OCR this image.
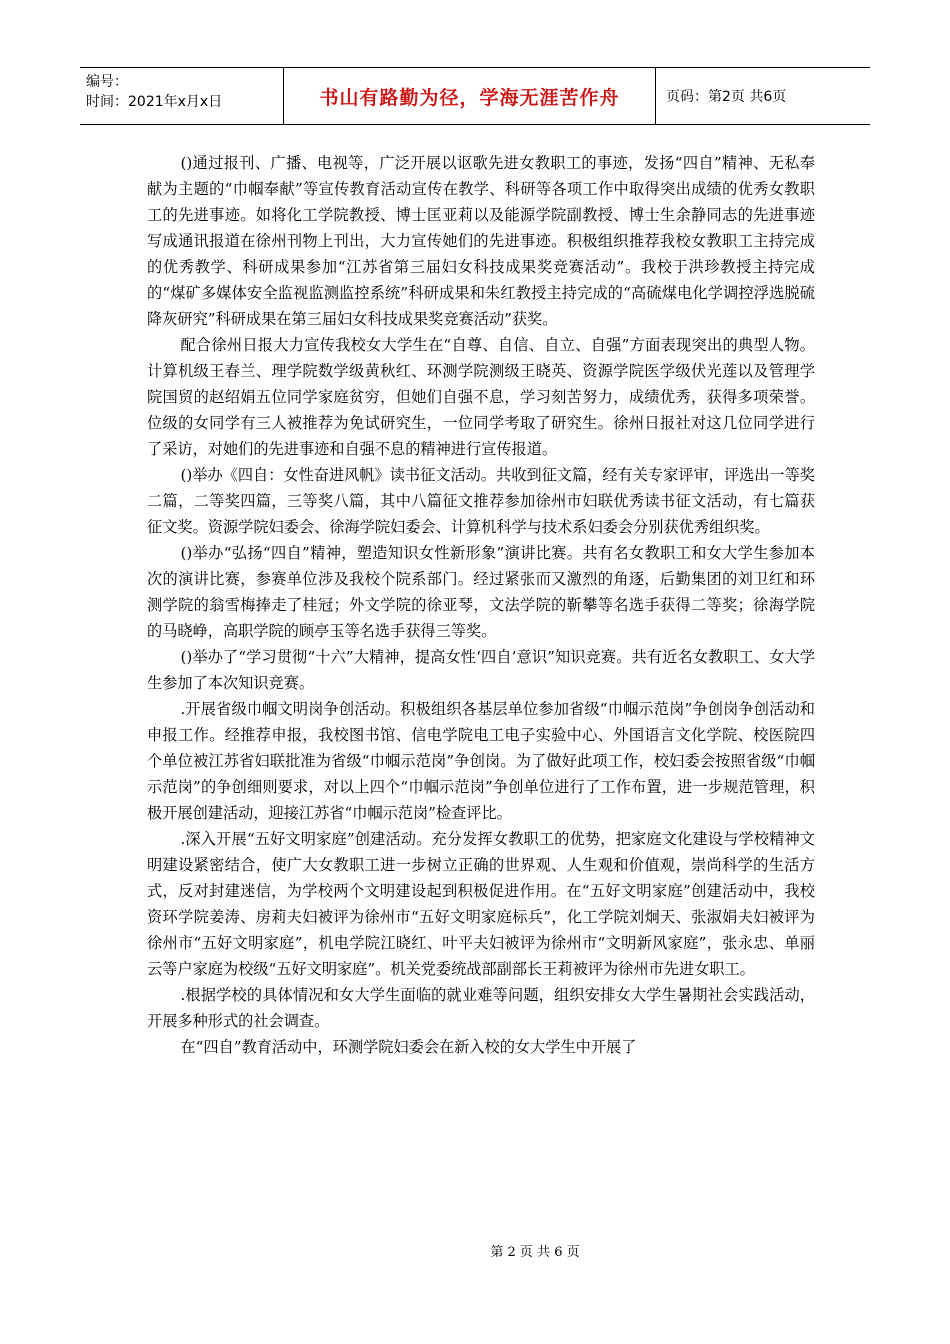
编号：
时间：2021年x月x日	书山有路勤为径，学海无涯苦作舟	页码：第2页 共6页

()通过报刊、广播、电视等，广泛开展以讴歌先进女教职工的事迹，发扬“四自”精神、无私奉献为主题的“巾帼奉献”等宣传教育活动宣传在教学、科研等各项工作中取得突出成绩的优秀女教职工的先进事迹。如将化工学院教授、博士匡亚莉以及能源学院副教授、博士生余静同志的先进事迹写成通讯报道在徐州刊物上刊出，大力宣传她们的先进事迹。积极组织推荐我校女教职工主持完成的优秀教学、科研成果参加“江苏省第三届妇女科技成果奖竞赛活动”。我校于洪珍教授主持完成的“煤矿多媒体安全监视监测监控系统”科研成果和朱红教授主持完成的“高硫煤电化学调控浮选脱硫降灰研究”科研成果在第三届妇女科技成果奖竞赛活动”获奖。

配合徐州日报大力宣传我校女大学生在“自尊、自信、自立、自强”方面表现突出的典型人物。计算机级王春兰、理学院数学级黄秋红、环测学院测级王晓英、资源学院医学级伏光莲以及管理学院国贸的赵绍娟五位同学家庭贫穷，但她们自强不息，学习刻苦努力，成绩优秀，获得多项荣誉。位级的女同学有三人被推荐为免试研究生，一位同学考取了研究生。徐州日报社对这几位同学进行了采访，对她们的先进事迹和自强不息的精神进行宣传报道。

()举办《四自：女性奋进风帆》读书征文活动。共收到征文篇，经有关专家评审，评选出一等奖二篇，二等奖四篇，三等奖八篇，其中八篇征文推荐参加徐州市妇联优秀读书征文活动，有七篇获征文奖。资源学院妇委会、徐海学院妇委会、计算机科学与技术系妇委会分别获优秀组织奖。

()举办“弘扬“四自”精神，塑造知识女性新形象”演讲比赛。共有名女教职工和女大学生参加本次的演讲比赛，参赛单位涉及我校个院系部门。经过紧张而又激烈的角逐，后勤集团的刘卫红和环测学院的翁雪梅捧走了桂冠；外文学院的徐亚琴，文法学院的靳攀等名选手获得二等奖；徐海学院的马晓峥，高职学院的顾亭玉等名选手获得三等奖。

()举办了“学习贯彻“十六”大精神，提高女性‘四自’意识”知识竞赛。共有近名女教职工、女大学生参加了本次知识竞赛。

.开展省级巾帼文明岗争创活动。积极组织各基层单位参加省级“巾帼示范岗”争创岗争创活动和申报工作。经推荐申报，我校图书馆、信电学院电工电子实验中心、外国语言文化学院、校医院四个单位被江苏省妇联批准为省级“巾帼示范岗”争创岗。为了做好此项工作，校妇委会按照省级“巾帼示范岗”的争创细则要求，对以上四个“巾帼示范岗”争创单位进行了工作布置，进一步规范管理，积极开展创建活动，迎接江苏省“巾帼示范岗”检查评比。

.深入开展“五好文明家庭”创建活动。充分发挥女教职工的优势，把家庭文化建设与学校精神文明建设紧密结合，使广大女教职工进一步树立正确的世界观、人生观和价值观，崇尚科学的生活方式，反对封建迷信，为学校两个文明建设起到积极促进作用。在“五好文明家庭”创建活动中，我校资环学院姜涛、房莉夫妇被评为徐州市“五好文明家庭标兵”，化工学院刘炯天、张淑娟夫妇被评为徐州市“五好文明家庭”，机电学院江晓红、叶平夫妇被评为徐州市“文明新风家庭”，张永忠、单丽云等户家庭为校级“五好文明家庭”。机关党委统战部副部长王莉被评为徐州市先进女职工。

.根据学校的具体情况和女大学生面临的就业难等问题，组织安排女大学生暑期社会实践活动，开展多种形式的社会调查。

在“四自”教育活动中，环测学院妇委会在新入校的女大学生中开展了

第 2 页 共 6 页
